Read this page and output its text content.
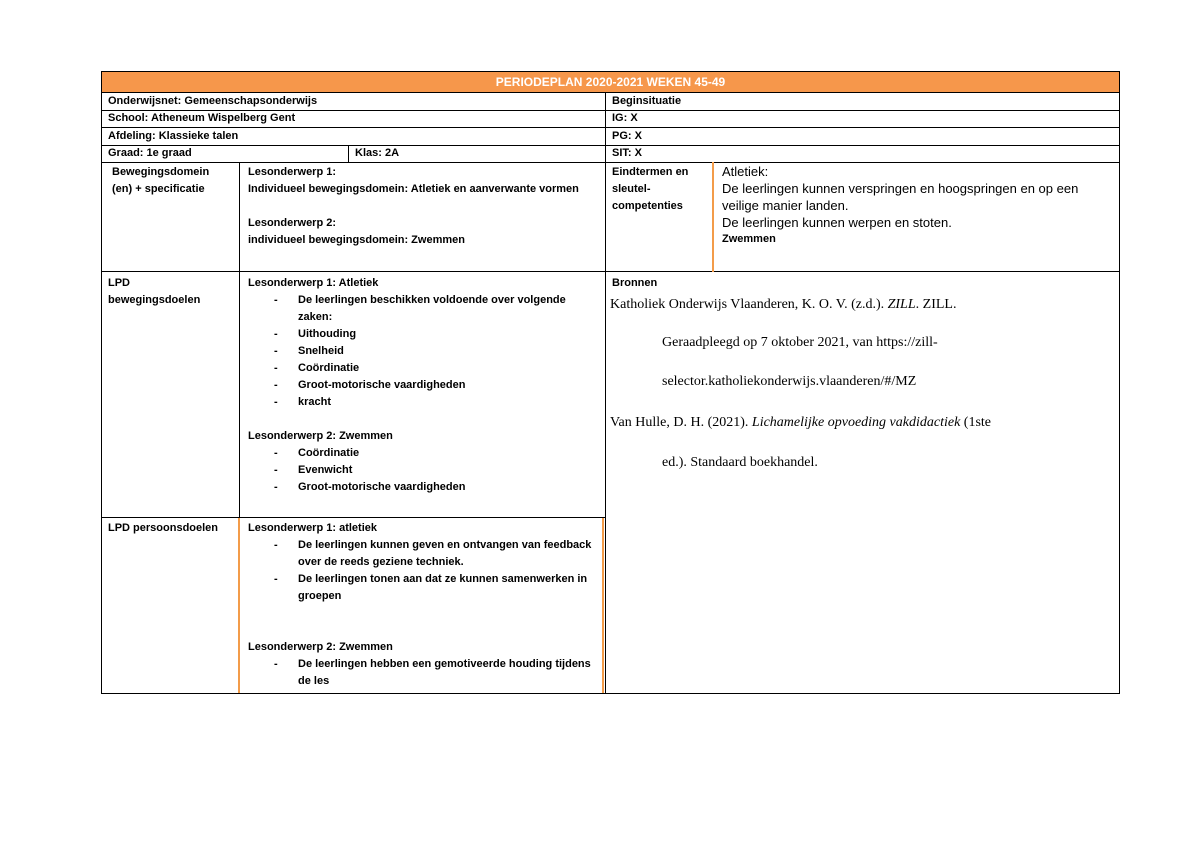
PERIODEPLAN 2020-2021 WEKEN 45-49
Onderwijsnet: Gemeenschapsonderwijs
School: Atheneum Wispelberg Gent
Afdeling: Klassieke talen
Graad: 1e graad	Klas: 2A
Beginsituatie
IG: X
PG: X
SIT: X
Bewegingsdomein
(en) + specificatie
Lesonderwerp 1:
Individueel bewegingsdomein: Atletiek en aanverwante vormen
Lesonderwerp 2:
individueel bewegingsdomein: Zwemmen
Eindtermen en
sleutel-
competenties
Atletiek:
De leerlingen kunnen verspringen en hoogspringen en op een veilige manier landen.
De leerlingen kunnen werpen en stoten.
Zwemmen
LPD
bewegingsdoelen
Lesonderwerp 1: Atletiek
- De leerlingen beschikken voldoende over volgende zaken:
- Uithouding
- Snelheid
- Coördinatie
- Groot-motorische vaardigheden
- kracht
Lesonderwerp 2: Zwemmen
- Coördinatie
- Evenwicht
- Groot-motorische vaardigheden
Bronnen
Katholiek Onderwijs Vlaanderen, K. O. V. (z.d.). ZILL. ZILL.
Geraadpleegd op 7 oktober 2021, van https://zill-
selector.katholiekonderwijs.vlaanderen/#/MZ
Van Hulle, D. H. (2021). Lichamelijke opvoeding vakdidactiek (1ste
ed.). Standaard boekhandel.
LPD persoonsdoelen	Lesonderwerp 1: atletiek
- De leerlingen kunnen geven en ontvangen van feedback over de reeds geziene techniek.
- De leerlingen tonen aan dat ze kunnen samenwerken in groepen
Lesonderwerp 2: Zwemmen
- De leerlingen hebben een gemotiveerde houding tijdens de les
